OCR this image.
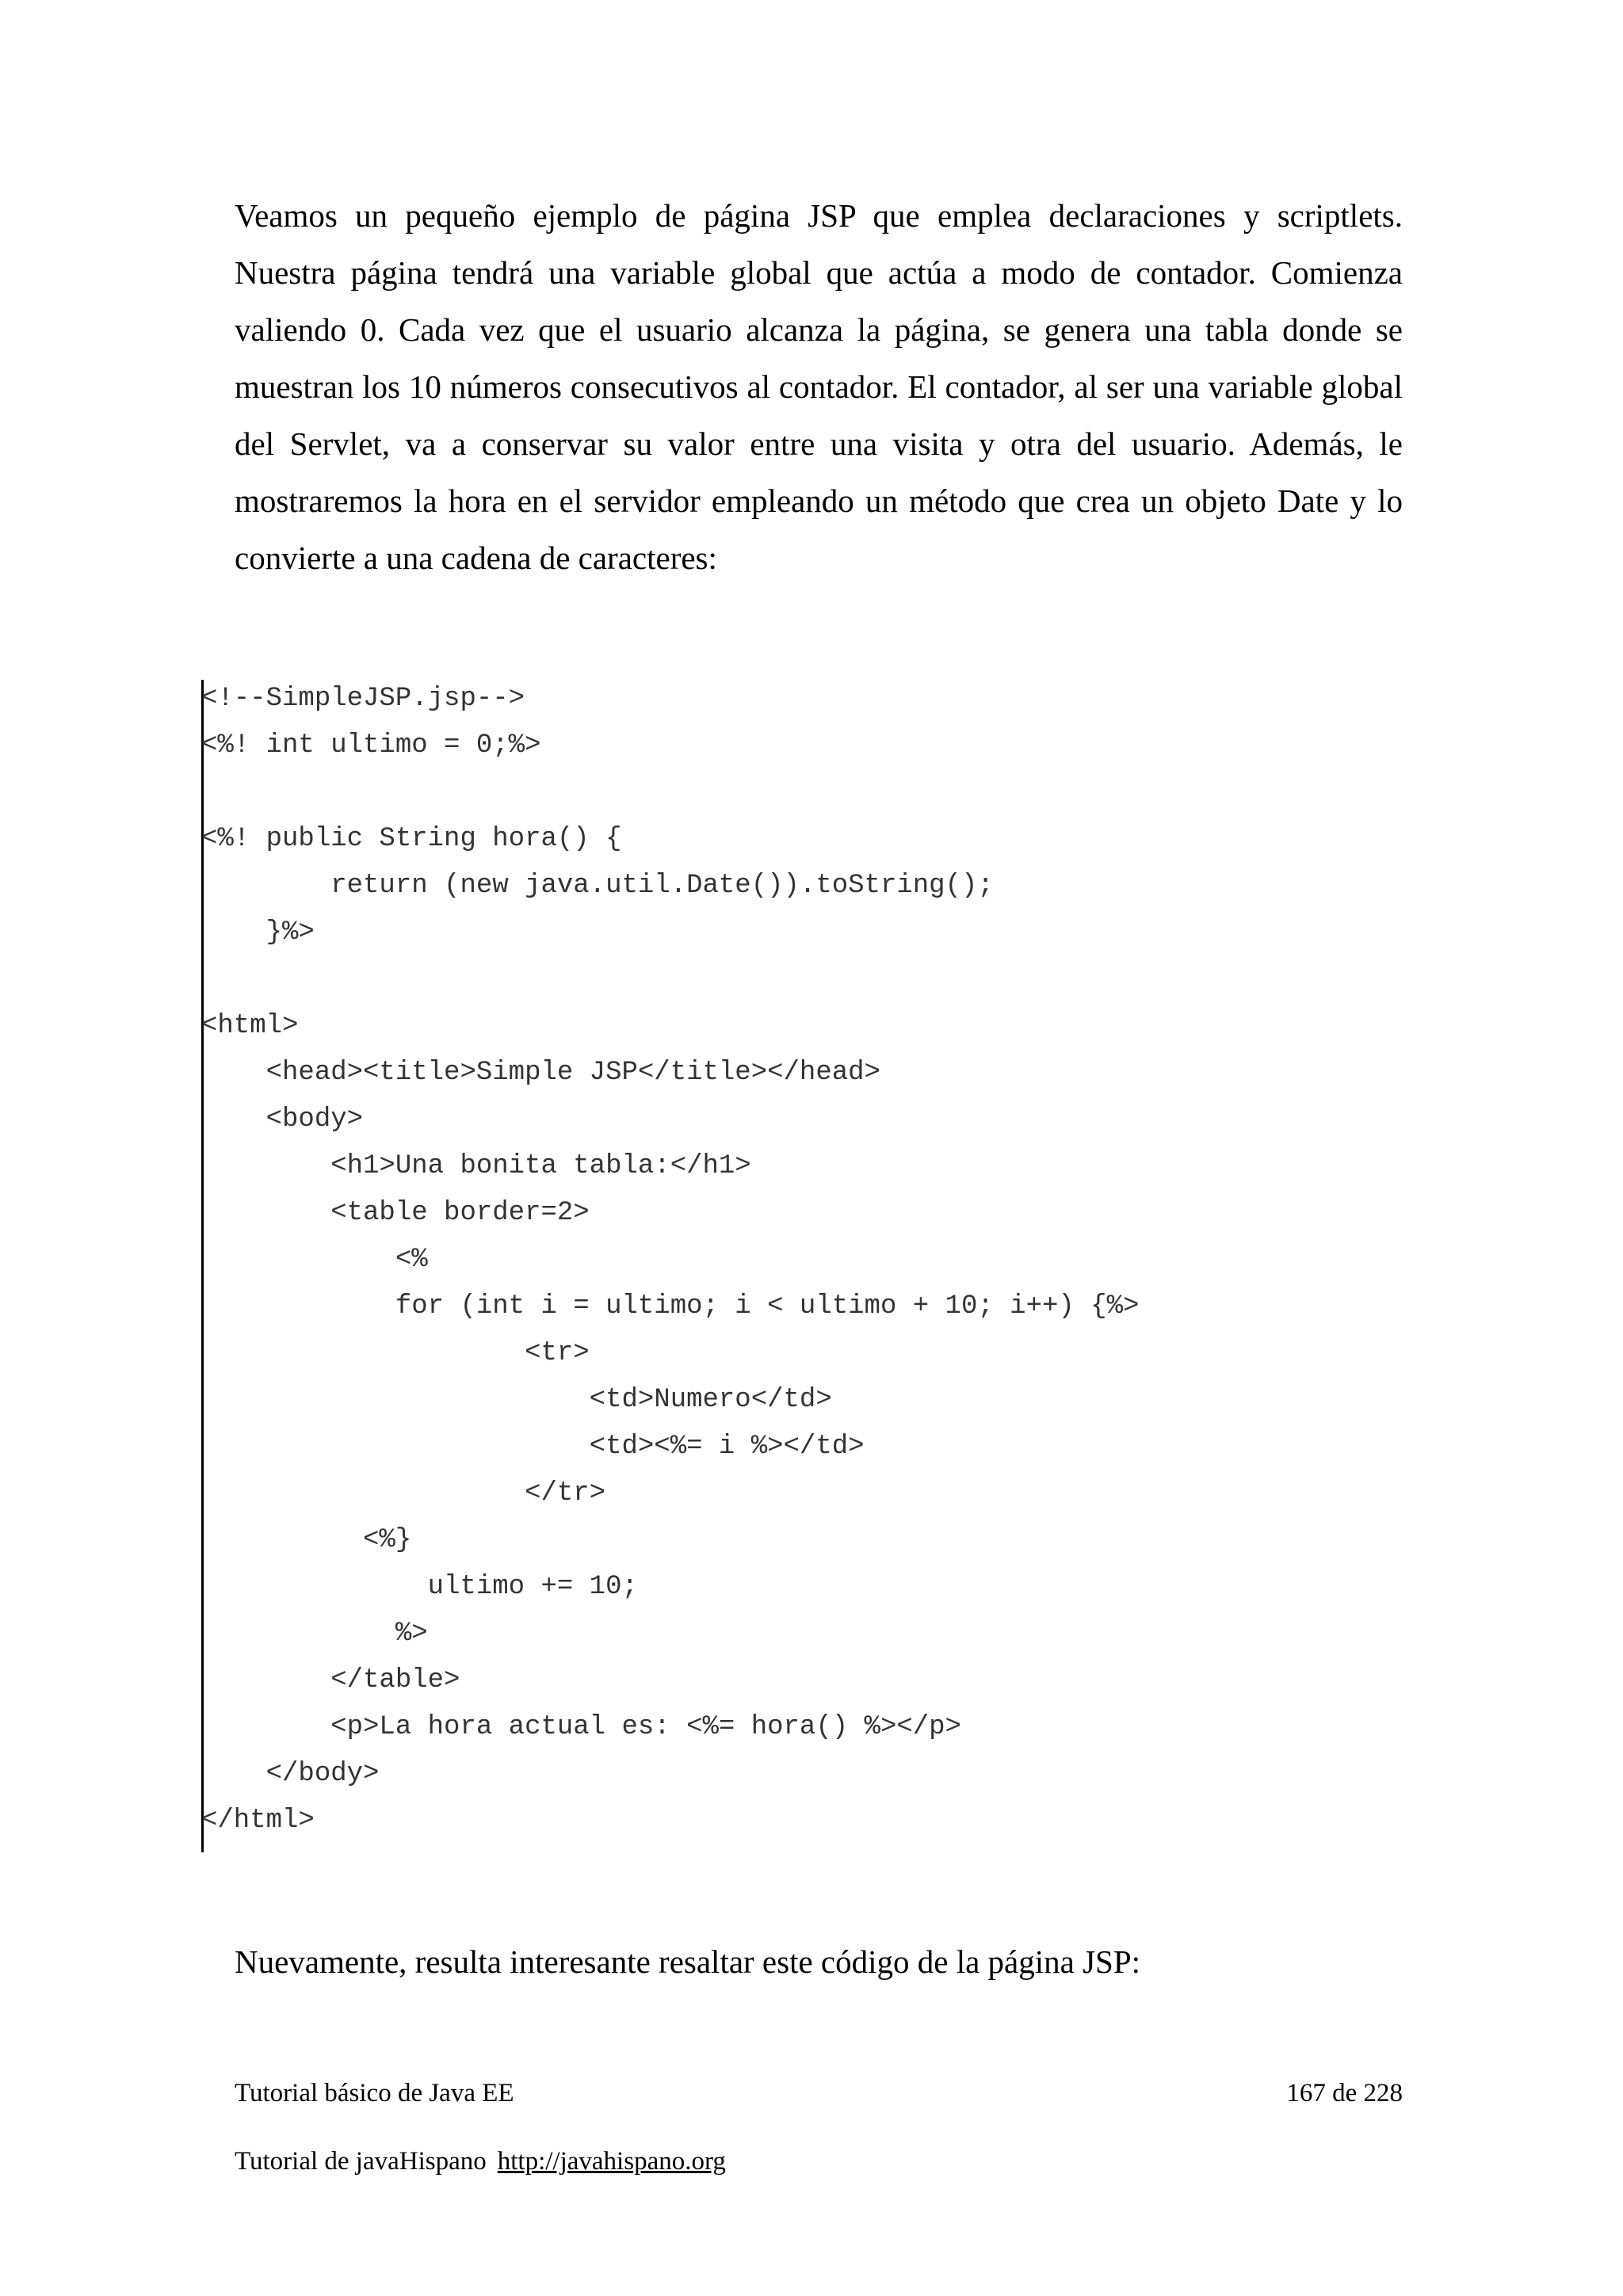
Veamos un pequeño ejemplo de página JSP que emplea declaraciones y scriptlets. Nuestra página tendrá una variable global que actúa a modo de contador. Comienza valiendo 0. Cada vez que el usuario alcanza la página, se genera una tabla donde se muestran los 10 números consecutivos al contador. El contador, al ser una variable global del Servlet, va a conservar su valor entre una visita y otra del usuario. Además, le mostraremos la hora en el servidor empleando un método que crea un objeto Date y lo convierte a una cadena de caracteres:

<!--SimpleJSP.jsp-->
<%! int ultimo = 0;%>
<%! public String hora() {
return (new java.util.Date()).toString();
}%>
<html>
<head><title>Simple JSP</title></head>
<body>
<h1>Una bonita tabla:</h1>
<table border=2>
<%
for (int i = ultimo; i < ultimo + 10; i++) {%>
<tr>
<td>Numero</td>
<td><%= i %></td>
</tr>
<%}
ultimo += 10;
%>
</table>
<p>La hora actual es: <%= hora() %></p>
</body>
</html>

Nuevamente, resulta interesante resaltar este código de la página JSP:

Tutorial básico de Java EE	167 de 228
Tutorial de javaHispano http://javahispano.org
